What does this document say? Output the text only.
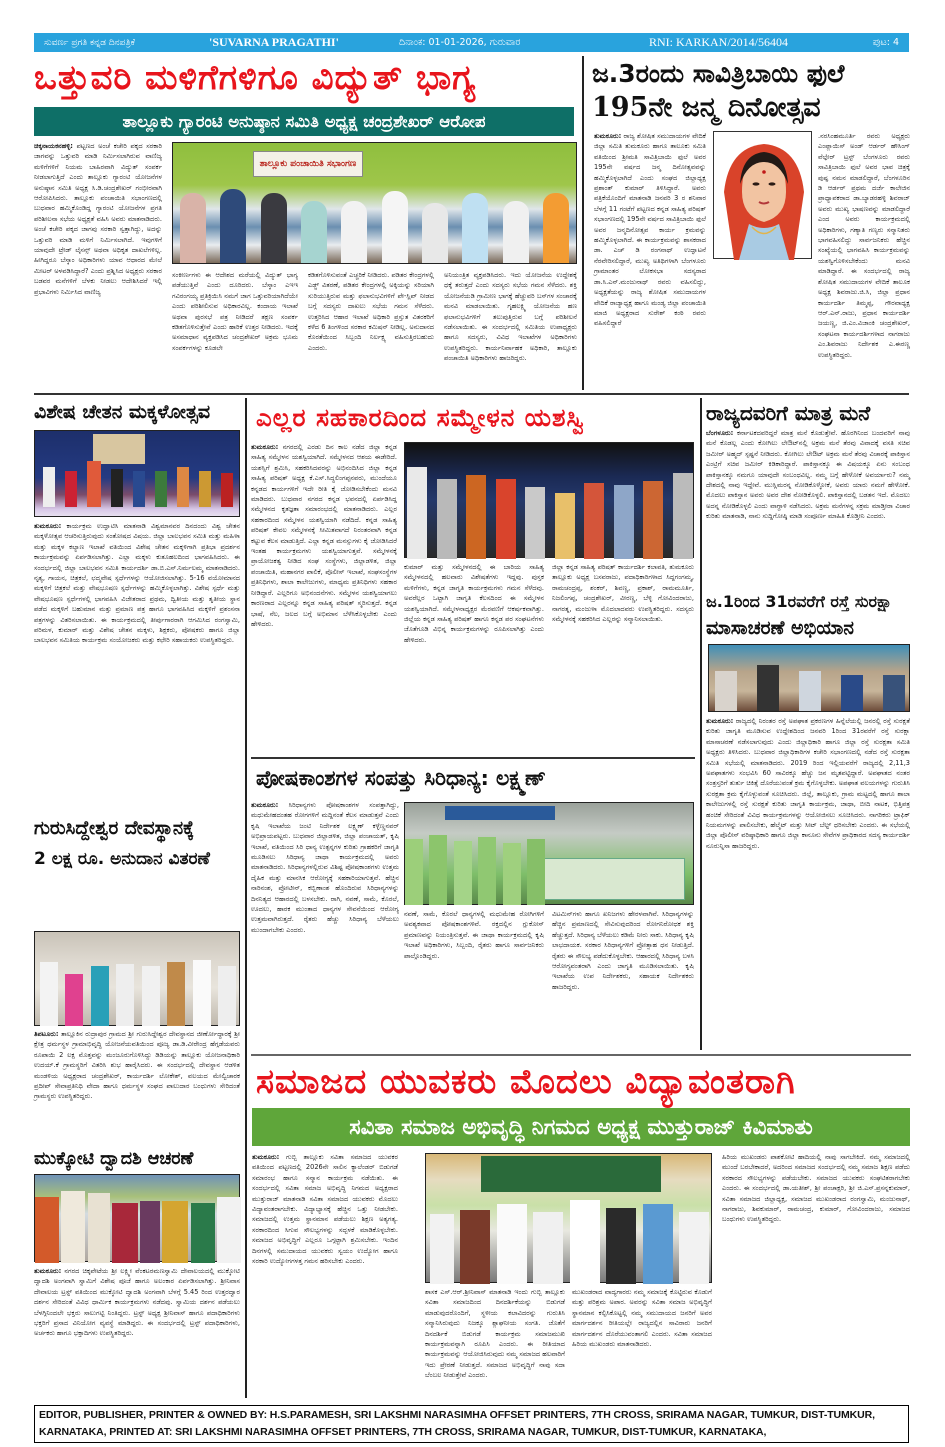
ಸುವರ್ಣ ಪ್ರಗತಿ ಕನ್ನಡ ದಿನಪತ್ರಿಕೆ	'SUVARNA PRAGATHI'	ದಿನಾಂಕ: 01-01-2026, ಗುರುವಾರ	RNI: KARKAN/2014/56404	ಪುಟ: 4
ಒತ್ತುವರಿ ಮಳಿಗೆಗಳಿಗೂ ವಿದ್ಯುತ್ ಭಾಗ್ಯ
ತಾಲ್ಲೂಕು ಗ್ಯಾರಂಟಿ ಅನುಷ್ಠಾನ ಸಮಿತಿ ಅಧ್ಯಕ್ಷ ಚಂದ್ರಶೇಖರ್ ಆರೋಪ
ಚಿಕ್ಕನಾಯಕನಹಳ್ಳಿ: ಪಟ್ಟಣದ ಅಂಚೆ ಕಚೇರಿ ಪಕ್ಕದ ಸರಕಾರಿ ಜಾಗವನ್ನು ಒತ್ತುವರಿ ಮಾಡಿ ನಿರ್ಮಿಸಲಾಗಿರುವ ವಾಣಿಜ್ಯ ಮಳಿಗೆಗಳಿಗೆ ನಿಯಮ ಬಾಹಿರವಾಗಿ ವಿದ್ಯುತ್ ಸಂಪರ್ಕ ನೀಡಲಾಗುತ್ತಿದೆ ಎಂದು ತಾಲ್ಲೂಕು ಗ್ಯಾರಂಟಿ ಯೋಜನೆಗಳ ಅನುಷ್ಠಾನ ಸಮಿತಿ ಅಧ್ಯಕ್ಷ ಸಿ.ಡಿ.ಚಂದ್ರಶೇಖರ್ ಗಂಭೀರವಾಗಿ ಆರೋಪಿಸಿದರು. ತಾಲ್ಲೂಕು ಪಂಚಾಯಿತಿ ಸಭಾಂಗಣದಲ್ಲಿ ಬುಧವಾರ ಹಮ್ಮಿಕೊಂಡಿದ್ದ ಗ್ಯಾರಂಟಿ ಯೋಜನೆಗಳ ಪ್ರಗತಿ ಪರಿಶೀಲನಾ ಸಭೆಯ ಅಧ್ಯಕ್ಷತೆ ವಹಿಸಿ ಅವರು ಮಾತನಾಡಿದರು. ಅಂಚೆ ಕಚೇರಿ ಪಕ್ಕದ ಜಾಗವು ಸರಕಾರಿ ಸ್ವತ್ತಾಗಿದ್ದು, ಅದನ್ನು ಒತ್ತುವರಿ ಮಾಡಿ ಮಳಿಗೆ ನಿರ್ಮಿಸಲಾಗಿದೆ. ಇವುಗಳಿಗೆ ಯಾವುದೇ ಟ್ರೇಡ್ ಲೈಸನ್ಸ್ ಅಥವಾ ಅಧಿಕೃತ ದಾಖಲೆಗಳಿಲ್ಲ. ಹೀಗಿದ್ದರೂ ಬೆಸ್ಕಾಂ ಅಧಿಕಾರಿಗಳು ಯಾವ ಆಧಾರದ ಮೇಲೆ ಮೀಟರ್ ಅಳವಡಿಸಿದ್ದಾರೆ? ಎಂದು ಪ್ರಶ್ನಿಸಿದ ಅಧ್ಯಕ್ಷರು ಸರಕಾರ ಬಡವರ ಮನೆಗಳಿಗೆ ಬೆಳಕು ನೀಡಲು ಆದೇಶಿಸಿದರೆ ಇಲ್ಲಿ ಪ್ರಭಾವಿಗಳು ನಿರ್ಮಿಸಿದ ವಾಣಿಜ್ಯ
ತಾಲ್ಲೂಕು ಪಂಚಾಯಿತಿ ಸಭಾಂಗಣ
ಸಂಕೀರ್ಣಗಳು ಈ ಆದೇಶದ ಮರೆಯಲ್ಲಿ ವಿದ್ಯುತ್ ಭಾಗ್ಯ ಪಡೆಯುತ್ತಿವೆ ಎಂದು ದೂರಿದರು. ಬೆಸ್ಕಾಂ ಎಇಇ ಗವಿರಂಗಯ್ಯ ಪ್ರತಿಕ್ರಿಯಿಸಿ ನಮಗೆ ಜಾಗ ಒತ್ತುವರಿಯಾಗಿದೆಯೇ ಎಂದು ಪರಿಶೀಲಿಸುವ ಅಧಿಕಾರವಿಲ್ಲ. ಕಂದಾಯ ಇಲಾಖೆ ಅಥವಾ ಪುರಸಭೆ ಪತ್ರ ನೀಡಿದರೆ ತಕ್ಷಣ ಸಂಪರ್ಕ ಕಡಿತಗೊಳಿಸುತ್ತೇವೆ ಎಂದು ಹಾರಿಕೆ ಉತ್ತರ ನೀಡಿದರು. ಇದಕ್ಕೆ ಅಸಮಾಧಾನ ವ್ಯಕ್ತಪಡಿಸಿದ ಚಂದ್ರಶೇಖರ್ ಅಕ್ರಮ ಭೂಮ ಸಂಪರ್ಕಗಳನ್ನು ಕೂಡಲೇ
ಕಡಿತಗೊಳಿಸುವಂತೆ ಎಚ್ಚರಿಕೆ ನೀಡಿದರು. ಪಡಿತರ ಕೇಂದ್ರಗಳಲ್ಲಿ ಎಡ್ಜ್ ವಿತರಣೆ, ಪಡಿತರ ಕೇಂದ್ರಗಳಲ್ಲಿ ಅಕ್ಕಿಯನ್ನು ಸರಿಯಾಗಿ ಸುರಿಯುತ್ತಿರುವ ಮತ್ತು ಫಲಾನುಭವಿಗಳಿಗೆ ಪೇ-ಸ್ಲಿಪ್ ನೀಡದ ಬಗ್ಗೆ ಸದಸ್ಯರು ದಾಖಲು ಸಭೆಯ ಗಮನ ಸೆಳೆದರು. ಉತ್ತರಿಸಿದ ಆಹಾರ ಇಲಾಖೆ ಅಧಿಕಾರಿ ಪ್ರಸ್ತುತ ವಿತರಕರಿಗೆ ಕಳೆದ 6 ತಿಂಗಳಿಂದ ಸರಕಾರ ಕಮಿಷನ್ ನೀಡಿಲ್ಲ. ಅನುದಾನದ ಕೊರತೆಯಿಂದ ಸಿಬ್ಬಂದಿ ನಿರ್ಲಕ್ಷ್ಯ ವಹಿಸುತ್ತಿರಬಹುದು ಎಂದರು.
ಅನಿಯಂತ್ರಿತ ವ್ಯಕ್ತಪಡಿಸಿದರು. ಇದು ಯೋಜನೆಯ ಉದ್ದೇಶಕ್ಕೆ ಧಕ್ಕೆ ತರುತ್ತದೆ ಎಂದು ಸದಸ್ಯರು ಸಭೆಯ ಗಮನ ಸೆಳೆದರು. ಶಕ್ತಿ ಯೋಜನೆಯಡಿ ಗ್ರಾಮೀಣ ಭಾಗಕ್ಕೆ ಹೆಚ್ಚುವರಿ ಬಸ್‌ಗಳ ಸಂಚಾರಕ್ಕೆ ಮನವಿ ಮಾಡಲಾಯಿತು. ಗೃಹಲಕ್ಷ್ಮಿ ಯೋಜನೆಯ ಹಣ ಫಲಾನುಭವಿಗಳಿಗೆ ತಲುಪುತ್ತಿರುವ ಬಗ್ಗೆ ಪರಿಶೀಲನೆ ನಡೆಸಲಾಯಿತು. ಈ ಸಂದರ್ಭದಲ್ಲಿ ಸಮಿತಿಯ ಉಪಾಧ್ಯಕ್ಷರು ಹಾಗೂ ಸದಸ್ಯರು, ವಿವಿಧ ಇಲಾಖೆಗಳ ಅಧಿಕಾರಿಗಳು ಉಪಸ್ಥಿತರಿದ್ದರು. ಕಾರ್ಯನಿರ್ವಾಹಕ ಅಧಿಕಾರಿ, ತಾಲ್ಲೂಕು ಪಂಚಾಯಿತಿ ಅಧಿಕಾರಿಗಳು ಹಾಜರಿದ್ದರು.
ಜ.3ರಂದು ಸಾವಿತ್ರಿಬಾಯಿ ಫುಲೆ
195ನೇ ಜನ್ಮ ದಿನೋತ್ಸವ
ತುಮಕೂರು: ರಾಜ್ಯ ಶೋಷಿತ ಸಮುದಾಯಗಳ ವೇದಿಕೆ ಜಿಲ್ಲಾ ಸಮಿತಿ ತುಮಕೂರು ಹಾಗೂ ತಾಲೂಕು ಸಮಿತಿ ವತಿಯಿಂದ ಶ್ರೀಮತಿ ಸಾವಿತ್ರಿಬಾಯಿ ಫುಲೆ ಅವರ 195ನೇ ವರ್ಷದ ಜನ್ಮ ದಿನೋತ್ಸವವನ್ನು ಹಮ್ಮಿಕೊಳ್ಳಲಾಗಿದೆ ಎಂದು ಸಂಘದ ಜಿಲ್ಲಾಧ್ಯಕ್ಷ ಪ್ರಶಾಂತ್ ಕುಮಾರ್ ತಿಳಿಸಿದ್ದಾರೆ. ಅವರು ಪತ್ರಿಕೆಯೊಂದಿಗೆ ಮಾತನಾಡಿ ಜನವರಿ 3 ರ ಶನಿವಾರ ಬೆಳಗ್ಗೆ 11 ಗಂಟೆಗೆ ಪಟ್ಟಣದ ಕನ್ನಡ ಸಾಹಿತ್ಯ ಪರಿಷತ್ ಸಭಾಂಗಣದಲ್ಲಿ 195ನೇ ವರ್ಷದ ಸಾವಿತ್ರಿಬಾಯಿ ಫುಲೆ ಅವರ ಜನ್ಮದಿನೋತ್ಸವ ಕಾರ್ಯ ಕ್ರಮವನ್ನು ಹಮ್ಮಿಕೊಳ್ಳಲಾಗಿದೆ. ಈ ಕಾರ್ಯಕ್ರಮವನ್ನು ಶಾಸಕರಾದ ಡಾ. ಎಚ್ ಡಿ ರಂಗನಾಥ್ ಉದ್ಘಾಟನೆ ನೆರವೇರಿಸಲಿದ್ದಾರೆ, ಮುಖ್ಯ ಅತಿಥಿಗಳಾಗಿ ಬೆಂಗಳೂರು ಗ್ರಾಮಾಂತರ ಲೋಕಸಭಾ ಸದಸ್ಯರಾದ ಡಾ.ಸಿ.ಎನ್.ಮಂಜುನಾಥ್ ರವರು ವಹಿಸಲಿದ್ದು, ಅಧ್ಯಕ್ಷತೆಯನ್ನು ರಾಜ್ಯ ಶೋಷಿತ ಸಮುದಾಯಗಳ ವೇದಿಕೆ ರಾಜ್ಯಾಧ್ಯಕ್ಷ ಹಾಗೂ ಮಂಡ್ಯ ಜಿಲ್ಲಾ ಪಂಚಾಯಿತಿ ಮಾಜಿ ಅಧ್ಯಕ್ಷರಾದ ಸುರೇಶ್ ಕಂಠಿ ರವರು ವಹಿಸಲಿದ್ದಾರೆ
.ನರಸಿಂಹಮೂರ್ತಿ ರವರು ಅಧ್ಯಕ್ಷರು ಎಂಪ್ಲಾಯಿಸ್ ಅಂಡ್ ಆರ್ಡರ್ ಹೌಸಿಂಗ್ ವೆಲ್ಫೇರ್ ಟ್ರಸ್ಟ್ ಬೆಂಗಳೂರು ರವರು ಸಾವಿತ್ರಿಬಾಯಿ ಫುಲೆ ಅವರ ಭಾವ ಚಿತ್ರಕ್ಕೆ ಪುಷ್ಪ ನಮನ ಮಾಡಲಿದ್ದಾರೆ, ಬೆಂಗಳೂರಿನ ಡಿ ಆರ್ಡರ್ ಪ್ರಥಮ ದರ್ಜೆ ಕಾಲೇಜಿನ ಪ್ರಾಧ್ಯಾಪಕರಾದ ಡಾ.ಬ್ಯಾಡರಹಳ್ಳಿ ಶಿವರಾಜ್ ಅವರು ಮುಖ್ಯ ಭಾಷಣವನ್ನು ಮಾಡಲಿದ್ದಾರೆ ಎಂದ ಅವರು ಕಾರ್ಯಕ್ರಮದಲ್ಲಿ ಅಧಿಕಾರಿಗಳು, ಗಣ್ಯಾತಿ ಗಣ್ಯರು ಸನ್ಮಾನಿತರು ಭಾಗವಹಿಸಲಿದ್ದು ಸಾರ್ವಜನಿಕರು ಹೆಚ್ಚಿನ ಸಂಖ್ಯೆಯಲ್ಲಿ ಭಾಗವಹಿಸಿ ಕಾರ್ಯಕ್ರಮವನ್ನು ಯಶಸ್ವಿಗೊಳಿಸಬೇಕೆಂದು ಮನವಿ ಮಾಡಿದ್ದಾರೆ. ಈ ಸಂದರ್ಭದಲ್ಲಿ ರಾಜ್ಯ ಶೋಷಿತ ಸಮುದಾಯಗಳ ವೇದಿಕೆ ತಾಲೂಕ ಅಧ್ಯಕ್ಷ ಶಿವರಾಜು.ಜಿ.ಸಿ, ಜಿಲ್ಲಾ ಪ್ರಧಾನ ಕಾರ್ಯದರ್ಶಿ ತಿಮ್ಮಪ್ಪ, ಗೌರವಾಧ್ಯಕ್ಷ ಆರ್.ಎನ್.ರಾಜು, ಪ್ರಧಾನ ಕಾರ್ಯದರ್ಶಿ ಜಯಣ್ಣ, ಜಿ.ಎಂ.ವಿಜಾಂಕಿ ಚಂದ್ರಶೇಖರ್, ಸಂಘಟನಾ ಕಾರ್ಯದರ್ಶಿಗಳಾದ ನಾಗರಾಜು ಎಂ.ಶಿವರಾಜು ನಿರ್ದೇಶಕ ಎ.ಈರಣ್ಣ ಉಪಸ್ಥಿತರಿದ್ದರು.
ವಿಶೇಷ ಚೇತನ ಮಕ್ಕಳೋತ್ಸವ
ತುಮಕೂರು: ಕಾರ್ಯಕ್ರಮ ಉದ್ಘಾಟಿಸಿ ಮಾತನಾಡಿ ವಿಶ್ವಮಾನವರ ದಿನದಂದು ವಿಶ್ವ ಚೇತನ ಮಕ್ಕಳೋತ್ಸವ ಆಚರಿಸುತ್ತಿರುವುದು ಸಂತೋಷದ ವಿಷಯ. ಜಿಲ್ಲಾ ಬಾಲಭವನ ಸಮಿತಿ ಮತ್ತು ಮಹಿಳಾ ಮತ್ತು ಮಕ್ಕಳ ಕಲ್ಯಾಣ ಇಲಾಖೆ ವತಿಯಿಂದ ವಿಶೇಷ ಚೇತನ ಮಕ್ಕಳಿಗಾಗಿ ಪ್ರತಿಭಾ ಪ್ರದರ್ಶನ ಕಾರ್ಯಕ್ರಮವನ್ನು ಏರ್ಪಡಿಸಲಾಗಿತ್ತು. ಎಲ್ಲಾ ಮಕ್ಕಳು ಕುತೂಹಲದಿಂದ ಭಾಗವಹಿಸಿದರು. ಈ ಸಂದರ್ಭದಲ್ಲಿ ಜಿಲ್ಲಾ ಬಾಲಭವನ ಸಮಿತಿ ಕಾರ್ಯದರ್ಶಿ ಡಾ.ಬಿ.ಎಸ್.ನಿರ್ಮಲಮ್ಮ ಮಾತನಾಡಿದರು. ನೃತ್ಯ, ಗಾಯನ, ಚಿತ್ರಕಲೆ, ಛದ್ಮವೇಷ ಸ್ಪರ್ಧೆಗಳನ್ನು ಆಯೋಜಿಸಲಾಗಿತ್ತು. 5-16 ವಯೋಮಾನದ ಮಕ್ಕಳಿಗೆ ಚಿತ್ರಕಲೆ ಮತ್ತು ವೇಷಭೂಷಣ ಸ್ಪರ್ಧೆಗಳನ್ನು ಹಮ್ಮಿಕೊಳ್ಳಲಾಗಿತ್ತು. ವಿಶೇಷ ಸ್ಪರ್ಧೆ ಮತ್ತು ವೇಷಭೂಷಣ ಸ್ಪರ್ಧೆಗಳಲ್ಲಿ ಭಾಗವಹಿಸಿ ವಿಜೇತರಾದ ಪ್ರಥಮ, ದ್ವಿತೀಯ ಮತ್ತು ತೃತೀಯ ಸ್ಥಾನ ಪಡೆದ ಮಕ್ಕಳಿಗೆ ಬಹುಮಾನ ಮತ್ತು ಪ್ರಮಾಣ ಪತ್ರ ಹಾಗೂ ಭಾಗವಹಿಸಿದ ಮಕ್ಕಳಿಗೆ ಪ್ರಶಂಸನಾ ಪತ್ರಗಳನ್ನು ವಿತರಿಸಲಾಯಿತು. ಈ ಕಾರ್ಯಕ್ರಮದಲ್ಲಿ ತೀರ್ಪುಗಾರರಾಗಿ ಆಗಮಿಸಿದ ರಂಗಸ್ವಾಮಿ, ಪರಿಮಳ, ಕುಮಾರ್ ಮತ್ತು ವಿಶೇಷ ಚೇತನ ಮಕ್ಕಳು, ಶಿಕ್ಷಕರು, ಪೋಷಕರು ಹಾಗೂ ಜಿಲ್ಲಾ ಬಾಲಭವನ ಸಮಿತಿಯ ಕಾರ್ಯಕ್ರಮ ಸಂಯೋಜಕರು ಮತ್ತು ಕಛೇರಿ ಸಹಾಯಕರು ಉಪಸ್ಥಿತರಿದ್ದರು.
ಗುರುಸಿದ್ದೇಶ್ವರ ದೇವಸ್ಥಾನಕ್ಕೆ
2 ಲಕ್ಷ ರೂ. ಅನುದಾನ ವಿತರಣೆ
ತಿಪಟೂರು: ತಾಲ್ಲೂಕಿನ ರುದ್ರಾಪುರ ಗ್ರಾಮದ ಶ್ರೀ ಗುರುಸಿದ್ದೇಶ್ವರ ದೇವಸ್ಥಾನದ ಜೀರ್ಣೋದ್ಧಾರಕ್ಕೆ ಶ್ರೀ ಕ್ಷೇತ್ರ ಧರ್ಮಸ್ಥಳ ಗ್ರಾಮಾಭಿವೃದ್ಧಿ ಯೋಜನೆಯವತಿಯಿಂದ ಪೂಜ್ಯ ಡಾ.ಡಿ.ವೀರೇಂದ್ರ ಹೆಗ್ಗಡೆಯವರು ರೂಪಾಯಿ 2 ಲಕ್ಷ ಮೊತ್ತವನ್ನು ಮಂಜೂರುಗೊಳಿಸಿದ್ದು ಡಿಡಿಯನ್ನು ತಾಲ್ಲೂಕು ಯೋಜನಾಧಿಕಾರಿ ಉದಯ್.ಕೆ ಗ್ರಾಮಸ್ಥರಿಗೆ ವಿತರಿಸಿ ಶುಭ ಹಾರೈಸಿದರು. ಈ ಸಂದರ್ಭದಲ್ಲಿ ದೇವಸ್ಥಾನ ಆಡಳಿತ ಮಂಡಳಿಯ ಅಧ್ಯಕ್ಷರಾದ ಚಂದ್ರಶೇಖರ್, ಕಾರ್ಯದರ್ಶಿ ಲೋಕೇಶ್, ವಲಯದ ಮೇಲ್ವಿಚಾರಕ ಪ್ರದೀಪ್ ಸೇವಾಪ್ರತಿನಿಧಿ ವೇದಾ ಹಾಗೂ ಧರ್ಮಸ್ಥಳ ಸಂಘದ ಪಾಲುದಾರ ಬಂಧುಗಳು ಸೇರಿದಂತೆ ಗ್ರಾಮಸ್ಥರು ಉಪಸ್ಥಿತರಿದ್ದರು.
ಮುಕ್ಕೋಟಿ ದ್ವಾದಶಿ ಆಚರಣೆ
ತುಮಕೂರು: ನಗರದ ಚಿಕ್ಕಪೇಟೆಯ ಶ್ರೀ ಲಕ್ಷ್ಮೀ ವೆಂಕಟರಮಣಸ್ವಾಮಿ ದೇವಾಲಯದಲ್ಲಿ ಮುಕ್ಕೋಟಿ ದ್ವಾದಶಿ ಅಂಗವಾಗಿ ಸ್ವಾಮಿಗೆ ವಿಶೇಷ ಪೂಜೆ ಹಾಗೂ ಅಲಂಕಾರ ಏರ್ಪಡಿಸಲಾಗಿತ್ತು. ಶ್ರೀನಿವಾಸ ದೇವಾಲಯ ಟ್ರಸ್ಟ್ ವತಿಯಿಂದ ಮುಕ್ಕೋಟಿ ದ್ವಾದಶಿ ಅಂಗವಾಗಿ ಬೆಳಗ್ಗೆ 5.45 ರಿಂದ ಉತ್ತರದ್ವಾರ ದರ್ಶನ ಸೇರಿದಂತೆ ವಿವಿಧ ಧಾರ್ಮಿಕ ಕಾರ್ಯಕ್ರಮಗಳು ನಡೆದವು. ಸ್ವಾಮಿಯ ದರ್ಶನ ಪಡೆಯಲು ಬೆಳಗ್ಗಿನಿಂದಲೇ ಭಕ್ತರು ಸಾಲುಗಟ್ಟಿ ನಿಂತಿದ್ದರು. ಟ್ರಸ್ಟ್ ಅಧ್ಯಕ್ಷ ಶ್ರೀನಿವಾಸ್ ಹಾಗೂ ಪದಾಧಿಕಾರಿಗಳು ಭಕ್ತರಿಗೆ ಪ್ರಸಾದ ವಿನಿಯೋಗ ವ್ಯವಸ್ಥೆ ಮಾಡಿದ್ದರು. ಈ ಸಂದರ್ಭದಲ್ಲಿ ಟ್ರಸ್ಟ್ ಪದಾಧಿಕಾರಿಗಳು, ಅರ್ಚಕರು ಹಾಗೂ ಭಕ್ತಾದಿಗಳು ಉಪಸ್ಥಿತರಿದ್ದರು.
ಎಲ್ಲರ ಸಹಕಾರದಿಂದ ಸಮ್ಮೇಳನ ಯಶಸ್ವಿ
ತುಮಕೂರು: ನಗರದಲ್ಲಿ ಎರಡು ದಿನ ಕಾಲ ನಡೆದ ಜಿಲ್ಲಾ ಕನ್ನಡ ಸಾಹಿತ್ಯ ಸಮ್ಮೇಳನ ಯಶಸ್ವಿಯಾಗಿದೆ. ಸಮ್ಮೇಳನದ ಆಶಯ ಈಡೇರಿದೆ. ಯಶಸ್ಸಿಗೆ ಶ್ರಮಿಸಿ, ಸಹಕರಿಸಿದವರನ್ನು ಅಭಿನಂದಿಸಿದ ಜಿಲ್ಲಾ ಕನ್ನಡ ಸಾಹಿತ್ಯ ಪರಿಷತ್ ಅಧ್ಯಕ್ಷ ಕೆ.ಎಸ್.ಸಿದ್ಧಲಿಂಗಪ್ಪನವರು, ಮುಂದೆಯೂ ಕನ್ನಡದ ಕಾರ್ಯಗಳಿಗೆ ಇದೇ ರೀತಿ ಕೈ ಜೋಡಿಸಬೇಕೆಂದು ಮನವಿ ಮಾಡಿದರು. ಬುಧವಾರ ನಗರದ ಕನ್ನಡ ಭವನದಲ್ಲಿ ಏರ್ಪಡಿಸಿದ್ದ ಸಮ್ಮೇಳನದ ಕೃತಜ್ಞತಾ ಸಮಾರಂಭದಲ್ಲಿ ಮಾತನಾಡಿದರು. ಎಲ್ಲರ ಸಹಕಾರದಿಂದ ಸಮ್ಮೇಳನ ಯಶಸ್ವಿಯಾಗಿ ನಡೆದಿದೆ. ಕನ್ನಡ ಸಾಹಿತ್ಯ ಪರಿಷತ್ ಕೇವಲ ಸಮ್ಮೇಳನಕ್ಕೆ ಸೀಮಿತವಾಗದೆ ನಿರಂತರವಾಗಿ ಕನ್ನಡ ಕಟ್ಟುವ ಕೆಲಸ ಮಾಡುತ್ತಿದೆ. ಎಲ್ಲಾ ಕನ್ನಡ ಮನಸ್ಸುಗಳು ಕೈ ಜೋಡಿಸಿದರೆ ಇಂತಹ ಕಾರ್ಯಕ್ರಮಗಳು ಯಶಸ್ವಿಯಾಗುತ್ತವೆ. ಸಮ್ಮೇಳನಕ್ಕೆ ಪ್ರಾಯೋಜಕತ್ವ ನೀಡಿದ ಸಂಘ ಸಂಸ್ಥೆಗಳು, ಜಿಲ್ಲಾಡಳಿತ, ಜಿಲ್ಲಾ ಪಂಚಾಯಿತಿ, ಮಹಾನಗರ ಪಾಲಿಕೆ, ಪೊಲೀಸ್ ಇಲಾಖೆ, ಸಂಘಸಂಸ್ಥೆಗಳ ಪ್ರತಿನಿಧಿಗಳು, ಶಾಲಾ ಕಾಲೇಜುಗಳು, ಮಾಧ್ಯಮ ಪ್ರತಿನಿಧಿಗಳು ಸಹಕಾರ ನೀಡಿದ್ದಾರೆ. ಎಲ್ಲರಿಗೂ ಅಭಿನಂದನೆಗಳು. ಸಮ್ಮೇಳನ ಯಶಸ್ವಿಯಾಗಲು ಕಾರಣರಾದ ಎಲ್ಲರನ್ನೂ ಕನ್ನಡ ಸಾಹಿತ್ಯ ಪರಿಷತ್ ಸ್ಮರಿಸುತ್ತದೆ. ಕನ್ನಡ ಭಾಷೆ, ನೆಲ, ಜಲದ ಬಗ್ಗೆ ಅಭಿಮಾನ ಬೆಳೆಸಿಕೊಳ್ಳಬೇಕು ಎಂದು ಹೇಳಿದರು.
ಕುಮಾರ್ ಮತ್ತು ಸಮ್ಮೇಳನದಲ್ಲಿ ಈ ಬಾರಿಯ ಸಾಹಿತ್ಯ ಸಮ್ಮೇಳನದಲ್ಲಿ ಹಲವಾರು ವಿಶೇಷತೆಗಳು ಇದ್ದವು. ಪುಸ್ತಕ ಮಳಿಗೆಗಳು, ಕನ್ನಡ ಜಾಗೃತಿ ಕಾರ್ಯಕ್ರಮಗಳು ಗಮನ ಸೆಳೆದವು. ಅವರೆಲ್ಲರ ಒಟ್ಟಾಗಿ ಜಾಗೃತಿ ಕೆಲಸದಿಂದ ಈ ಸಮ್ಮೇಳನ ಯಶಸ್ವಿಯಾಗಿದೆ. ಸಮ್ಮೇಳನಾಧ್ಯಕ್ಷರ ಮೆರವಣಿಗೆ ಆಕರ್ಷಕವಾಗಿತ್ತು. ಜಿಲ್ಲೆಯ ಕನ್ನಡ ಸಾಹಿತ್ಯ ಪರಿಷತ್ ಹಾಗೂ ಕನ್ನಡ ಪರ ಸಂಘಟನೆಗಳು ಜೊತೆಗೂಡಿ ವಿಭಿನ್ನ ಕಾರ್ಯಕ್ರಮಗಳನ್ನು ರೂಪಿಸಲಾಗಿತ್ತು ಎಂದು ಹೇಳಿದರು.
ಜಿಲ್ಲಾ ಕನ್ನಡ ಸಾಹಿತ್ಯ ಪರಿಷತ್ ಕಾರ್ಯದರ್ಶಿ ಕಲಾವತಿ, ತುಮಕೂರು ತಾಲ್ಲೂಕು ಅಧ್ಯಕ್ಷ ಬಸವರಾಜು, ಪದಾಧಿಕಾರಿಗಳಾದ ಸಿದ್ದಗಂಗಮ್ಮ, ರಾಮಚಂದ್ರಪ್ಪ, ಶಂಕರ್, ಶಿವಣ್ಣ, ಪ್ರಕಾಶ್, ರಾಮಮೂರ್ತಿ, ನಿಜಲಿಂಗಪ್ಪ, ಚಂದ್ರಶೇಖರ್, ವೀರಣ್ಣ, ಬೆಳ್ಳಿ ಗೋವಿಂದರಾಜು, ನಾಗರತ್ನ, ಮಂಜುಳಾ ಮೊದಲಾದವರು ಉಪಸ್ಥಿತರಿದ್ದರು. ಸದಸ್ಯರು ಸಮ್ಮೇಳನಕ್ಕೆ ಸಹಕರಿಸಿದ ಎಲ್ಲರನ್ನು ಸನ್ಮಾನಿಸಲಾಯಿತು.
ಪೋಷಕಾಂಶಗಳ ಸಂಪತ್ತು ಸಿರಿಧಾನ್ಯ: ಲಕ್ಷ್ಮಣ್
ತುಮಕೂರು: ಸಿರಿಧಾನ್ಯಗಳು ಪೋಷಕಾಂಶಗಳ ಸಂಪತ್ತಾಗಿದ್ದು, ಮಧುಮೇಹದಂತಹ ರೋಗಗಳಿಗೆ ಮದ್ದಿನಂತೆ ಕೆಲಸ ಮಾಡುತ್ತವೆ ಎಂದು ಕೃಷಿ ಇಲಾಖೆಯ ಜಂಟಿ ನಿರ್ದೇಶಕ ಲಕ್ಷ್ಮಣ್ ಕಳ್ಳೆಣ್ಣನವರ್ ಅಭಿಪ್ರಾಯಪಟ್ಟರು. ಬುಧವಾರ ಜಿಲ್ಲಾಡಳಿತ, ಜಿಲ್ಲಾ ಪಂಚಾಯತ್, ಕೃಷಿ ಇಲಾಖೆ, ವತಿಯಿಂದ ಸಿರಿ ಧಾನ್ಯ ಉತ್ಪನ್ನಗಳ ಕುರಿತು ಗ್ರಾಹಕರಿಗೆ ಜಾಗೃತಿ ಮೂಡಿಸಲು ಸಿರಿಧಾನ್ಯ ಜಾಥಾ ಕಾರ್ಯಕ್ರಮದಲ್ಲಿ ಅವರು ಮಾತನಾಡಿದರು. ಸಿರಿಧಾನ್ಯಗಳಲ್ಲಿರುವ ವಿಶಿಷ್ಟ ಪೋಷಕಾಂಶಗಳು ಉತ್ತಮ ದೈಹಿಕ ಮತ್ತು ಮಾನಸಿಕ ಆರೋಗ್ಯಕ್ಕೆ ಸಹಕಾರಿಯಾಗುತ್ತವೆ. ಹೆಚ್ಚಿನ ನಾರಿನಂಶ, ಪ್ರೋಟೀನ್, ಕಬ್ಬಿಣಾಂಶ ಹೊಂದಿರುವ ಸಿರಿಧಾನ್ಯಗಳನ್ನು ದಿನನಿತ್ಯದ ಆಹಾರದಲ್ಲಿ ಬಳಸಬೇಕು. ರಾಗಿ, ನವಣೆ, ಸಾಮೆ, ಕೊರಲೆ, ಊದಲು, ಹಾರಕ ಮುಂತಾದ ಧಾನ್ಯಗಳ ಸೇವನೆಯಿಂದ ಆರೋಗ್ಯ ಉತ್ತಮವಾಗಿರುತ್ತದೆ. ರೈತರು ಹೆಚ್ಚು ಸಿರಿಧಾನ್ಯ ಬೆಳೆಯಲು ಮುಂದಾಗಬೇಕು ಎಂದರು.
ನವಣೆ, ಸಾಮೆ, ಕೊರಲೆ ಧಾನ್ಯಗಳಲ್ಲಿ ಮಧುಮೇಹ ರೋಗಿಗಳಿಗೆ ಅವಶ್ಯಕವಾದ ಪೋಷಕಾಂಶಗಳಿವೆ. ರಕ್ತದಲ್ಲಿನ ಗ್ಲುಕೋಸ್ ಪ್ರಮಾಣವನ್ನು ನಿಯಂತ್ರಿಸುತ್ತವೆ. ಈ ಜಾಥಾ ಕಾರ್ಯಕ್ರಮದಲ್ಲಿ ಕೃಷಿ ಇಲಾಖೆ ಅಧಿಕಾರಿಗಳು, ಸಿಬ್ಬಂದಿ, ರೈತರು ಹಾಗೂ ಸಾರ್ವಜನಿಕರು ಪಾಲ್ಗೊಂಡಿದ್ದರು.
ವಿಟಮಿನ್‌ಗಳು ಹಾಗೂ ಖನಿಜಗಳು ಹೇರಳವಾಗಿವೆ. ಸಿರಿಧಾನ್ಯಗಳನ್ನು ಹೆಚ್ಚಿನ ಪ್ರಮಾಣದಲ್ಲಿ ಸೇವಿಸುವುದರಿಂದ ರೋಗನಿರೋಧಕ ಶಕ್ತಿ ಹೆಚ್ಚುತ್ತದೆ. ಸಿರಿಧಾನ್ಯ ಬೆಳೆಯಲು ಕಡಿಮೆ ನೀರು ಸಾಕು. ಸಿರಿಧಾನ್ಯ ಕೃಷಿ ಲಾಭದಾಯಕ. ಸರಕಾರ ಸಿರಿಧಾನ್ಯಗಳಿಗೆ ಪ್ರೋತ್ಸಾಹ ಧನ ನೀಡುತ್ತಿದೆ. ರೈತರು ಈ ಸೌಲಭ್ಯ ಪಡೆದುಕೊಳ್ಳಬೇಕು. ಆಹಾರದಲ್ಲಿ ಸಿರಿಧಾನ್ಯ ಬಳಸಿ ಆರೋಗ್ಯವಂತರಾಗಿ ಎಂದು ಜಾಗೃತಿ ಮೂಡಿಸಲಾಯಿತು. ಕೃಷಿ ಇಲಾಖೆಯ ಉಪ ನಿರ್ದೇಶಕರು, ಸಹಾಯಕ ನಿರ್ದೇಶಕರು ಹಾಜರಿದ್ದರು.
ರಾಜ್ಯದವರಿಗೆ ಮಾತ್ರ ಮನೆ
ಬೆಂಗಳೂರು: ಕರ್ನಾಟಕದವರಿದ್ದರೆ ಮಾತ್ರ ಮನೆ ಕೊಡುತ್ತೇವೆ. ಹೊರಗಿನಿಂದ ಬಂದವರಿಗೆ ನಾವು ಮನೆ ಕೊಡಲ್ಲ ಎಂದು ಕೋಗಿಲು ಲೇಔಟ್‌ನಲ್ಲಿ ಅಕ್ರಮ ಮನೆ ತೆರವು ವಿವಾದಕ್ಕೆ ವಸತಿ ಸಚಿವ ಜಮೀರ್ ಅಹ್ಮದ್ ಸ್ಪಷ್ಟನೆ ನೀಡಿದರು. ಕೋಗಿಲು ಲೇಔಟ್ ಅಕ್ರಮ ಮನೆ ತೆರವು ವಿಚಾರಕ್ಕೆ ಪಾಕಿಸ್ತಾನ ಎಂಟ್ರಿಗೆ ಸಚಿವ ಜಮೀರ್ ಕಿಡಿಕಾರಿದ್ದಾರೆ. ಪಾಕಿಸ್ತಾನಕ್ಕೂ ಈ ವಿಷಯಕ್ಕೂ ಏನು ಸಂಬಂಧ ಪಾಕಿಸ್ತಾನಕ್ಕೂ ನಮಗೂ ಯಾವುದೇ ಸಂಬಂಧವಿಲ್ಲ. ನಮ್ಮ ಬಗ್ಗೆ ಹೇಳೋಕೆ ಅವರ್ಯಾರು? ನಮ್ಮ ದೇಶದಲ್ಲಿ ನಾವು ಇದ್ದೇವೆ. ಮುಸ್ಲಿಮರನ್ನ ನೋಡಿಕೊಳ್ಳೋಕೆ, ಅವರು ಯಾರು ನಮಗೆ ಹೇಳೋಕೆ. ಮೊದಲು ಪಾಕಿಸ್ತಾನ ಅವರು ಅವರ ದೇಶ ನೋಡಿಕೊಳ್ಳಲಿ. ಪಾಕಿಸ್ತಾನದಲ್ಲಿ ಬಡತನ ಇದೆ. ಮೊದಲು ಅದನ್ನ ನೋಡಿಕೊಳ್ಳಲಿ ಎಂದು ವಾಗ್ದಾಳಿ ನಡೆಸಿದರು. ಅಕ್ರಮ ಮನೆಗಳನ್ನ ಸಕ್ರಮ ಮಾಡ್ತೀರಾ ವಿಚಾರ ಕುರಿತು ಮಾತನಾಡಿ, ನಾನು ಸುದ್ದಿಗೋಷ್ಠಿ ಮಾಡಿ ಸಂಪೂರ್ಣ ಮಾಹಿತಿ ಕೊಡ್ತೀನಿ ಎಂದರು.
ಜ.1ರಿಂದ 31ರವರೆಗೆ ರಸ್ತೆ ಸುರಕ್ಷಾ
ಮಾಸಾಚರಣೆ ಅಭಿಯಾನ
ತುಮಕೂರು: ರಾಜ್ಯದಲ್ಲಿ ನಿರಂತರ ರಸ್ತೆ ಅಪಘಾತ ಪ್ರಕರಣಗಳ ಹಿನ್ನೆಲೆಯಲ್ಲಿ ಜನರಲ್ಲಿ ರಸ್ತೆ ಸುರಕ್ಷತೆ ಕುರಿತು ಜಾಗೃತಿ ಮೂಡಿಸುವ ಉದ್ದೇಶದಿಂದ ಜನವರಿ 1ರಿಂದ 31ರವರೆಗೆ ರಸ್ತೆ ಸುರಕ್ಷಾ ಮಾಸಾಚರಣೆ ನಡೆಸಲಾಗುವುದು ಎಂದು ಜಿಲ್ಲಾಧಿಕಾರಿ ಹಾಗೂ ಜಿಲ್ಲಾ ರಸ್ತೆ ಸುರಕ್ಷತಾ ಸಮಿತಿ ಅಧ್ಯಕ್ಷರು ತಿಳಿಸಿದರು. ಬುಧವಾರ ಜಿಲ್ಲಾಧಿಕಾರಿಗಳ ಕಚೇರಿ ಸಭಾಂಗಣದಲ್ಲಿ ನಡೆದ ರಸ್ತೆ ಸುರಕ್ಷತಾ ಸಮಿತಿ ಸಭೆಯಲ್ಲಿ ಮಾತನಾಡಿದರು. 2019 ರಿಂದ ಇಲ್ಲಿಯವರೆಗೆ ರಾಜ್ಯದಲ್ಲಿ 2,11,3 ಅಪಘಾತಗಳು ಸಂಭವಿಸಿ 60 ಸಾವಿರಕ್ಕೂ ಹೆಚ್ಚು ಜನ ಮೃತಪಟ್ಟಿದ್ದಾರೆ. ಅಪಘಾತದ ನಂತರ ಸಂತ್ರಸ್ತರಿಗೆ ತುರ್ತು ಚಿಕಿತ್ಸೆ ದೊರೆಯುವಂತೆ ಕ್ರಮ ಕೈಗೊಳ್ಳಬೇಕು. ಅಪಘಾತ ವಲಯಗಳನ್ನು ಗುರುತಿಸಿ ಸುರಕ್ಷತಾ ಕ್ರಮ ಕೈಗೊಳ್ಳುವಂತೆ ಸೂಚಿಸಿದರು. ಜಿಲ್ಲೆ, ತಾಲ್ಲೂಕು, ಗ್ರಾಮ ಮಟ್ಟದಲ್ಲಿ ಹಾಗೂ ಶಾಲಾ ಕಾಲೇಜುಗಳಲ್ಲಿ ರಸ್ತೆ ಸುರಕ್ಷತೆ ಕುರಿತು ಜಾಗೃತಿ ಕಾರ್ಯಕ್ರಮ, ಜಾಥಾ, ಬೀದಿ ನಾಟಕ, ಭಿತ್ತಿಪತ್ರ ಹಂಚಿಕೆ ಸೇರಿದಂತೆ ವಿವಿಧ ಕಾರ್ಯಕ್ರಮಗಳನ್ನು ಆಯೋಜಿಸಲು ಸೂಚಿಸಿದರು. ನಾಗರಿಕರು ಟ್ರಾಫಿಕ್ ನಿಯಮಗಳನ್ನು ಪಾಲಿಸಬೇಕು, ಹೆಲ್ಮೆಟ್ ಮತ್ತು ಸೀಟ್ ಬೆಲ್ಟ್ ಧರಿಸಬೇಕು ಎಂದರು. ಈ ಸಭೆಯಲ್ಲಿ ಜಿಲ್ಲಾ ಪೊಲೀಸ್ ವರಿಷ್ಠಾಧಿಕಾರಿ ಹಾಗೂ ಜಿಲ್ಲಾ ಕಾನೂನು ಸೇವೆಗಳ ಪ್ರಾಧಿಕಾರದ ಸದಸ್ಯ ಕಾರ್ಯದರ್ಶಿ ನೂರುನ್ನಿಸಾ ಹಾಜರಿದ್ದರು.
ಸಮಾಜದ ಯುವಕರು ಮೊದಲು ವಿದ್ಯಾವಂತರಾಗಿ
ಸವಿತಾ ಸಮಾಜ ಅಭಿವೃದ್ಧಿ ನಿಗಮದ ಅಧ್ಯಕ್ಷ ಮುತ್ತುರಾಜ್ ಕಿವಿಮಾತು
ತುಮಕೂರು: ಗುಬ್ಬಿ ತಾಲ್ಲೂಕು ಸವಿತಾ ಸಮಾಜದ ಯುವಕರ ವತಿಯಿಂದ ಪಟ್ಟಣದಲ್ಲಿ 2026ನೇ ಸಾಲಿನ ಕ್ಯಾಲೆಂಡರ್ ಬಿಡುಗಡೆ ಸಮಾರಂಭ ಹಾಗೂ ಸನ್ಮಾನ ಕಾರ್ಯಕ್ರಮ ನಡೆಯಿತು. ಈ ಸಂದರ್ಭದಲ್ಲಿ ಸವಿತಾ ಸಮಾಜ ಅಭಿವೃದ್ಧಿ ನಿಗಮದ ಅಧ್ಯಕ್ಷರಾದ ಮುತ್ತುರಾಜ್ ಮಾತನಾಡಿ ಸವಿತಾ ಸಮಾಜದ ಯುವಕರು ಮೊದಲು ವಿದ್ಯಾವಂತರಾಗಬೇಕು. ವಿದ್ಯಾಭ್ಯಾಸಕ್ಕೆ ಹೆಚ್ಚಿನ ಒತ್ತು ನೀಡಬೇಕು. ಸಮಾಜದಲ್ಲಿ ಉತ್ತಮ ಸ್ಥಾನಮಾನ ಪಡೆಯಲು ಶಿಕ್ಷಣ ಅತ್ಯಗತ್ಯ. ಸರಕಾರದಿಂದ ಸಿಗುವ ಸೌಲಭ್ಯಗಳನ್ನು ಸದ್ಬಳಕೆ ಮಾಡಿಕೊಳ್ಳಬೇಕು. ಸಮಾಜದ ಅಭಿವೃದ್ಧಿಗೆ ಎಲ್ಲರೂ ಒಗ್ಗಟ್ಟಾಗಿ ಶ್ರಮಿಸಬೇಕು. ಇಂದಿನ ದಿನಗಳಲ್ಲಿ ಸಮುದಾಯದ ಯುವಕರು ಸ್ವಯಂ ಉದ್ಯೋಗ ಹಾಗೂ ಸರಕಾರಿ ಉದ್ಯೋಗಗಳತ್ತ ಗಮನ ಹರಿಸಬೇಕು ಎಂದರು.
ಶಾಸಕ ಎಸ್.ಆರ್.ಶ್ರೀನಿವಾಸ್ ಮಾತನಾಡಿ ಇಂದು ಗುಬ್ಬಿ ತಾಲ್ಲೂಕು ಸವಿತಾ ಸಮಾಜದಿಂದ ದಿನದರ್ಶಿಕೆಯನ್ನು ಬಿಡುಗಡೆ ಮಾಡುವುದರೊಂದಿಗೆ, ಸ್ಥಳೀಯ ಕಲಾವಿದರನ್ನು ಗುರುತಿಸಿ ಸನ್ಮಾನಿಸಿರುವುದು ನಿಜಕ್ಕೂ ಶ್ಲಾಘನೀಯ ಸಂಗತಿ. ಜೊತೆಗೆ ದಿನದರ್ಶಿಕೆ ಬಿಡುಗಡೆ ಕಾರ್ಯಕ್ರಮ ಸಮಾಜಮುಖಿ ಕಾರ್ಯಕ್ರಮವನ್ನಾಗಿ ರೂಪಿಸಿ ಎಂದರು. ಈ ರೀತಿಯಾದ ಕಾರ್ಯಕ್ರಮವನ್ನು ಆಯೋಜಿಸಿರುವುದು ನಮ್ಮ ಸಮಾಜದ ಹಲವಾರಿಗೆ ಇದು ಪ್ರೇರಣೆ ನೀಡುತ್ತದೆ. ಸಮಾಜದ ಅಭಿವೃದ್ಧಿಗೆ ನಾವು ಸದಾ ಬೆಂಬಲ ನೀಡುತ್ತೇವೆ ಎಂದರು.
ಮುಖಂಡರಾದ ವಾದ್ಯಗಾರರು ನಮ್ಮ ಸಮಾಜಕ್ಕೆ ಕೊಟ್ಟಿರುವ ಕೊಡುಗೆ ಮತ್ತು ಪರಿಶ್ರಮ ಅಪಾರ. ಅವರನ್ನು ಸವಿತಾ ಸಮಾಜ ಅಭಿವೃದ್ಧಿಗೆ ಸ್ಥಾನಮಾನ ಕಲ್ಪಿಸಿಕೊಟ್ಟಲ್ಲಿ ನಮ್ಮ ಸಮುದಾಯದ ಜನರಿಗೆ ಅವರ ಮಾರ್ಗದರ್ಶನ ರೀತಿಯಲ್ಲೇ ರಾಜ್ಯದಲ್ಲಿನ ಸಾವಿರಾರು ಜನರಿಗೆ ಮಾರ್ಗದರ್ಶನ ದೊರೆಯುವಂತಾಗಲಿ ಎಂದರು. ಸವಿತಾ ಸಮಾಜದ ಹಿರಿಯ ಮುಖಂಡರು ಮಾತನಾಡಿದರು.
ಹಿರಿಯ ಮುಖಂಡರು ಪಾಶಕೋಟಿ ಹಾದಿಯಲ್ಲಿ ನಾವು ಸಾಗಬೇಕಿದೆ. ನಮ್ಮ ಸಮಾಜದಲ್ಲಿ ಮುಂದೆ ಬರಬೇಕಾದರೆ, ಅದರಿಂದ ಸಮಾಜದ ಸಂದರ್ಭದಲ್ಲಿ ನಮ್ಮ ಸಮಾಜ ಶಿಕ್ಷಣ ಪಡೆದು ಸರಕಾರದ ಸೌಲಭ್ಯಗಳನ್ನು ಪಡೆಯಬೇಕು. ಸಮಾಜದ ಯುವಕರು ಸಂಘಟಿತರಾಗಬೇಕು ಎಂದರು. ಈ ಸಂದರ್ಭದಲ್ಲಿ ಡಾ.ಯತೀಶ್, ಶ್ರೀ ಪಂಚಾಕ್ಷರಿ, ಶ್ರೀ ಜಿ.ಎಸ್.ಪ್ರಸನ್ನಕುಮಾರ್, ಸವಿತಾ ಸಮಾಜದ ಜಿಲ್ಲಾಧ್ಯಕ್ಷ, ಸಮಾಜದ ಮುಖಂಡರಾದ ರಂಗಸ್ವಾಮಿ, ಮಂಜುನಾಥ್, ನಾಗರಾಜು, ಶಿವಕುಮಾರ್, ರಾಮಚಂದ್ರ, ಕುಮಾರ್, ಗೋವಿಂದರಾಜು, ಸಮಾಜದ ಬಂಧುಗಳು ಉಪಸ್ಥಿತರಿದ್ದರು.
EDITOR, PUBLISHER, PRINTER & OWNED BY: H.S.PARAMESH, SRI LAKSHMI NARASIMHA OFFSET PRINTERS, 7TH CROSS, SRIRAMA NAGAR, TUMKUR, DIST-TUMKUR, KARNATAKA, PRINTED AT: SRI LAKSHMI NARASIMHA OFFSET PRINTERS, 7TH CROSS, SRIRAMA NAGAR, TUMKUR, DIST-TUMKUR, KARNATAKA,
